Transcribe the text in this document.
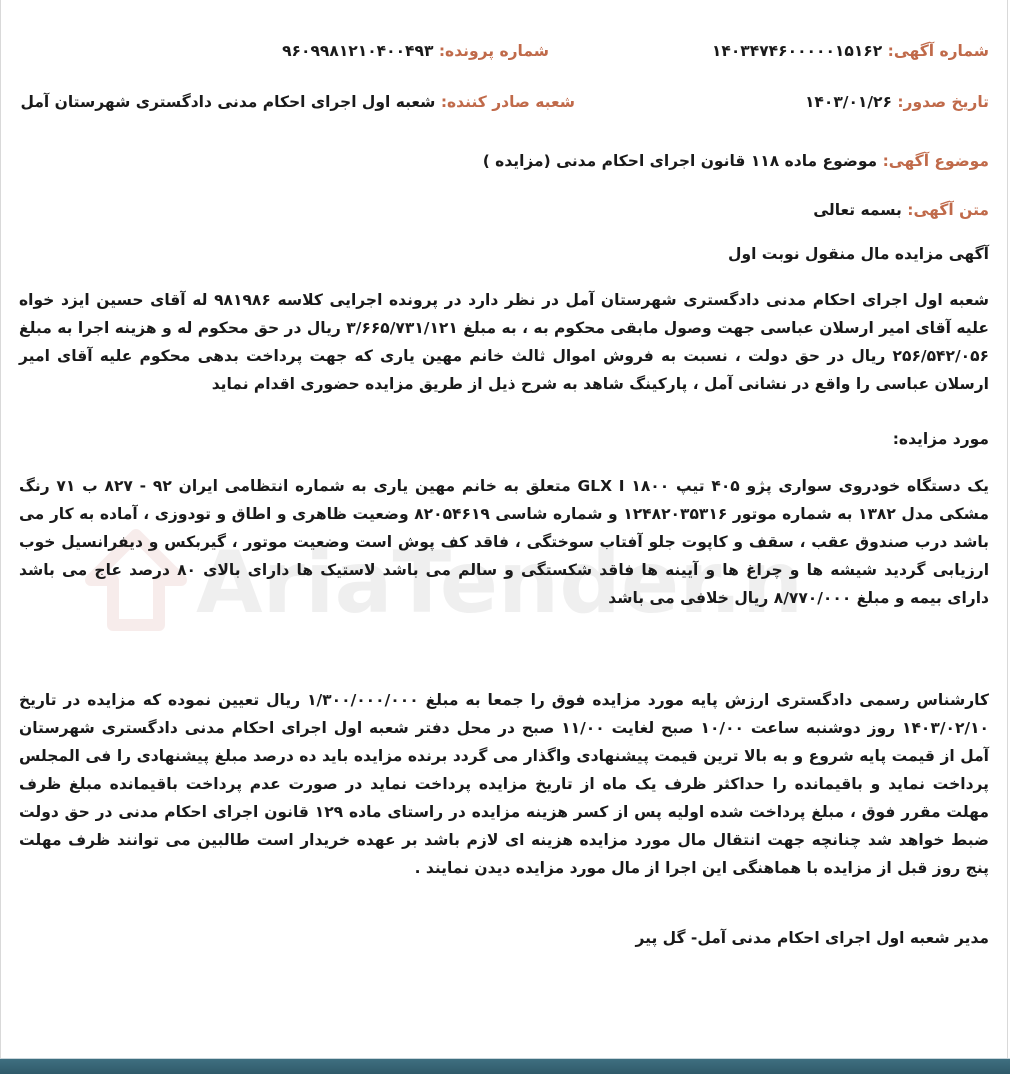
AriaTender.n
شماره آگهی: ۱۴۰۳۴۷۴۶۰۰۰۰۰۱۵۱۶۲
شماره پرونده: ۹۶۰۹۹۸۱۲۱۰۴۰۰۴۹۳
تاریخ صدور: ۱۴۰۳/۰۱/۲۶
شعبه صادر کننده: شعبه اول اجرای احکام مدنی دادگستری شهرستان آمل
موضوع آگهی: موضوع ماده ۱۱۸ قانون اجرای احکام مدنی (مزایده )
متن آگهی: بسمه تعالی
آگهی مزایده مال منقول نوبت اول
شعبه اول اجرای احکام مدنی دادگستری شهرستان آمل در نظر دارد در پرونده اجرایی کلاسه ۹۸۱۹۸۶ له آقای حسین ایزد خواه علیه آقای امیر ارسلان عباسی جهت وصول مابقی محکوم به ، به مبلغ ۳/۶۶۵/۷۳۱/۱۲۱ ریال در حق محکوم له و هزینه اجرا به مبلغ ۲۵۶/۵۴۲/۰۵۶ ریال در حق دولت ، نسبت به فروش اموال ثالث خانم مهین یاری که جهت پرداخت بدهی محکوم علیه آقای امیر ارسلان عباسی را واقع در نشانی آمل ، پارکینگ شاهد به شرح ذیل از طریق مزایده حضوری اقدام نماید
مورد مزایده:
یک دستگاه خودروی سواری پژو ۴۰۵ تیپ GLX I ۱۸۰۰ متعلق به خانم مهین یاری به شماره انتظامی ایران ۹۲ - ۸۲۷ ب ۷۱ رنگ مشکی مدل ۱۳۸۲ به شماره موتور ۱۲۴۸۲۰۳۵۳۱۶ و شماره شاسی ۸۲۰۵۴۶۱۹ وضعیت ظاهری و اطاق و تودوزی ، آماده به کار می باشد درب صندوق عقب ، سقف و کاپوت جلو آفتاب سوختگی ، فاقد کف پوش است وضعیت موتور ، گیربکس و دیفرانسیل خوب ارزیابی گردید شیشه ها و چراغ ها و آیینه ها فاقد شکستگی و سالم می باشد لاستیک ها دارای بالای ۸۰ درصد عاج می باشد دارای بیمه و مبلغ ۸/۷۷۰/۰۰۰ ریال خلافی می باشد
کارشناس رسمی دادگستری ارزش پایه مورد مزایده فوق را جمعا به مبلغ ۱/۳۰۰/۰۰۰/۰۰۰ ریال تعیین نموده که مزایده در تاریخ ۱۴۰۳/۰۲/۱۰ روز دوشنبه ساعت ۱۰/۰۰ صبح لغایت ۱۱/۰۰ صبح در محل دفتر شعبه اول اجرای احکام مدنی دادگستری شهرستان آمل از قیمت پایه شروع و به بالا ترین قیمت پیشنهادی واگذار می گردد برنده مزایده باید ده درصد مبلغ پیشنهادی را فی المجلس پرداخت نماید و باقیمانده را حداکثر ظرف یک ماه از تاریخ مزایده پرداخت نماید در صورت عدم پرداخت باقیمانده مبلغ ظرف مهلت مقرر فوق ، مبلغ پرداخت شده اولیه پس از کسر هزینه مزایده در راستای ماده ۱۲۹ قانون اجرای احکام مدنی در حق دولت ضبط خواهد شد چنانچه جهت انتقال مال مورد مزایده هزینه ای لازم باشد بر عهده خریدار است طالبین می توانند ظرف مهلت پنج روز قبل از مزایده با هماهنگی این اجرا از مال مورد مزایده دیدن نمایند .
مدیر شعبه اول اجرای احکام مدنی آمل- گل پیر
